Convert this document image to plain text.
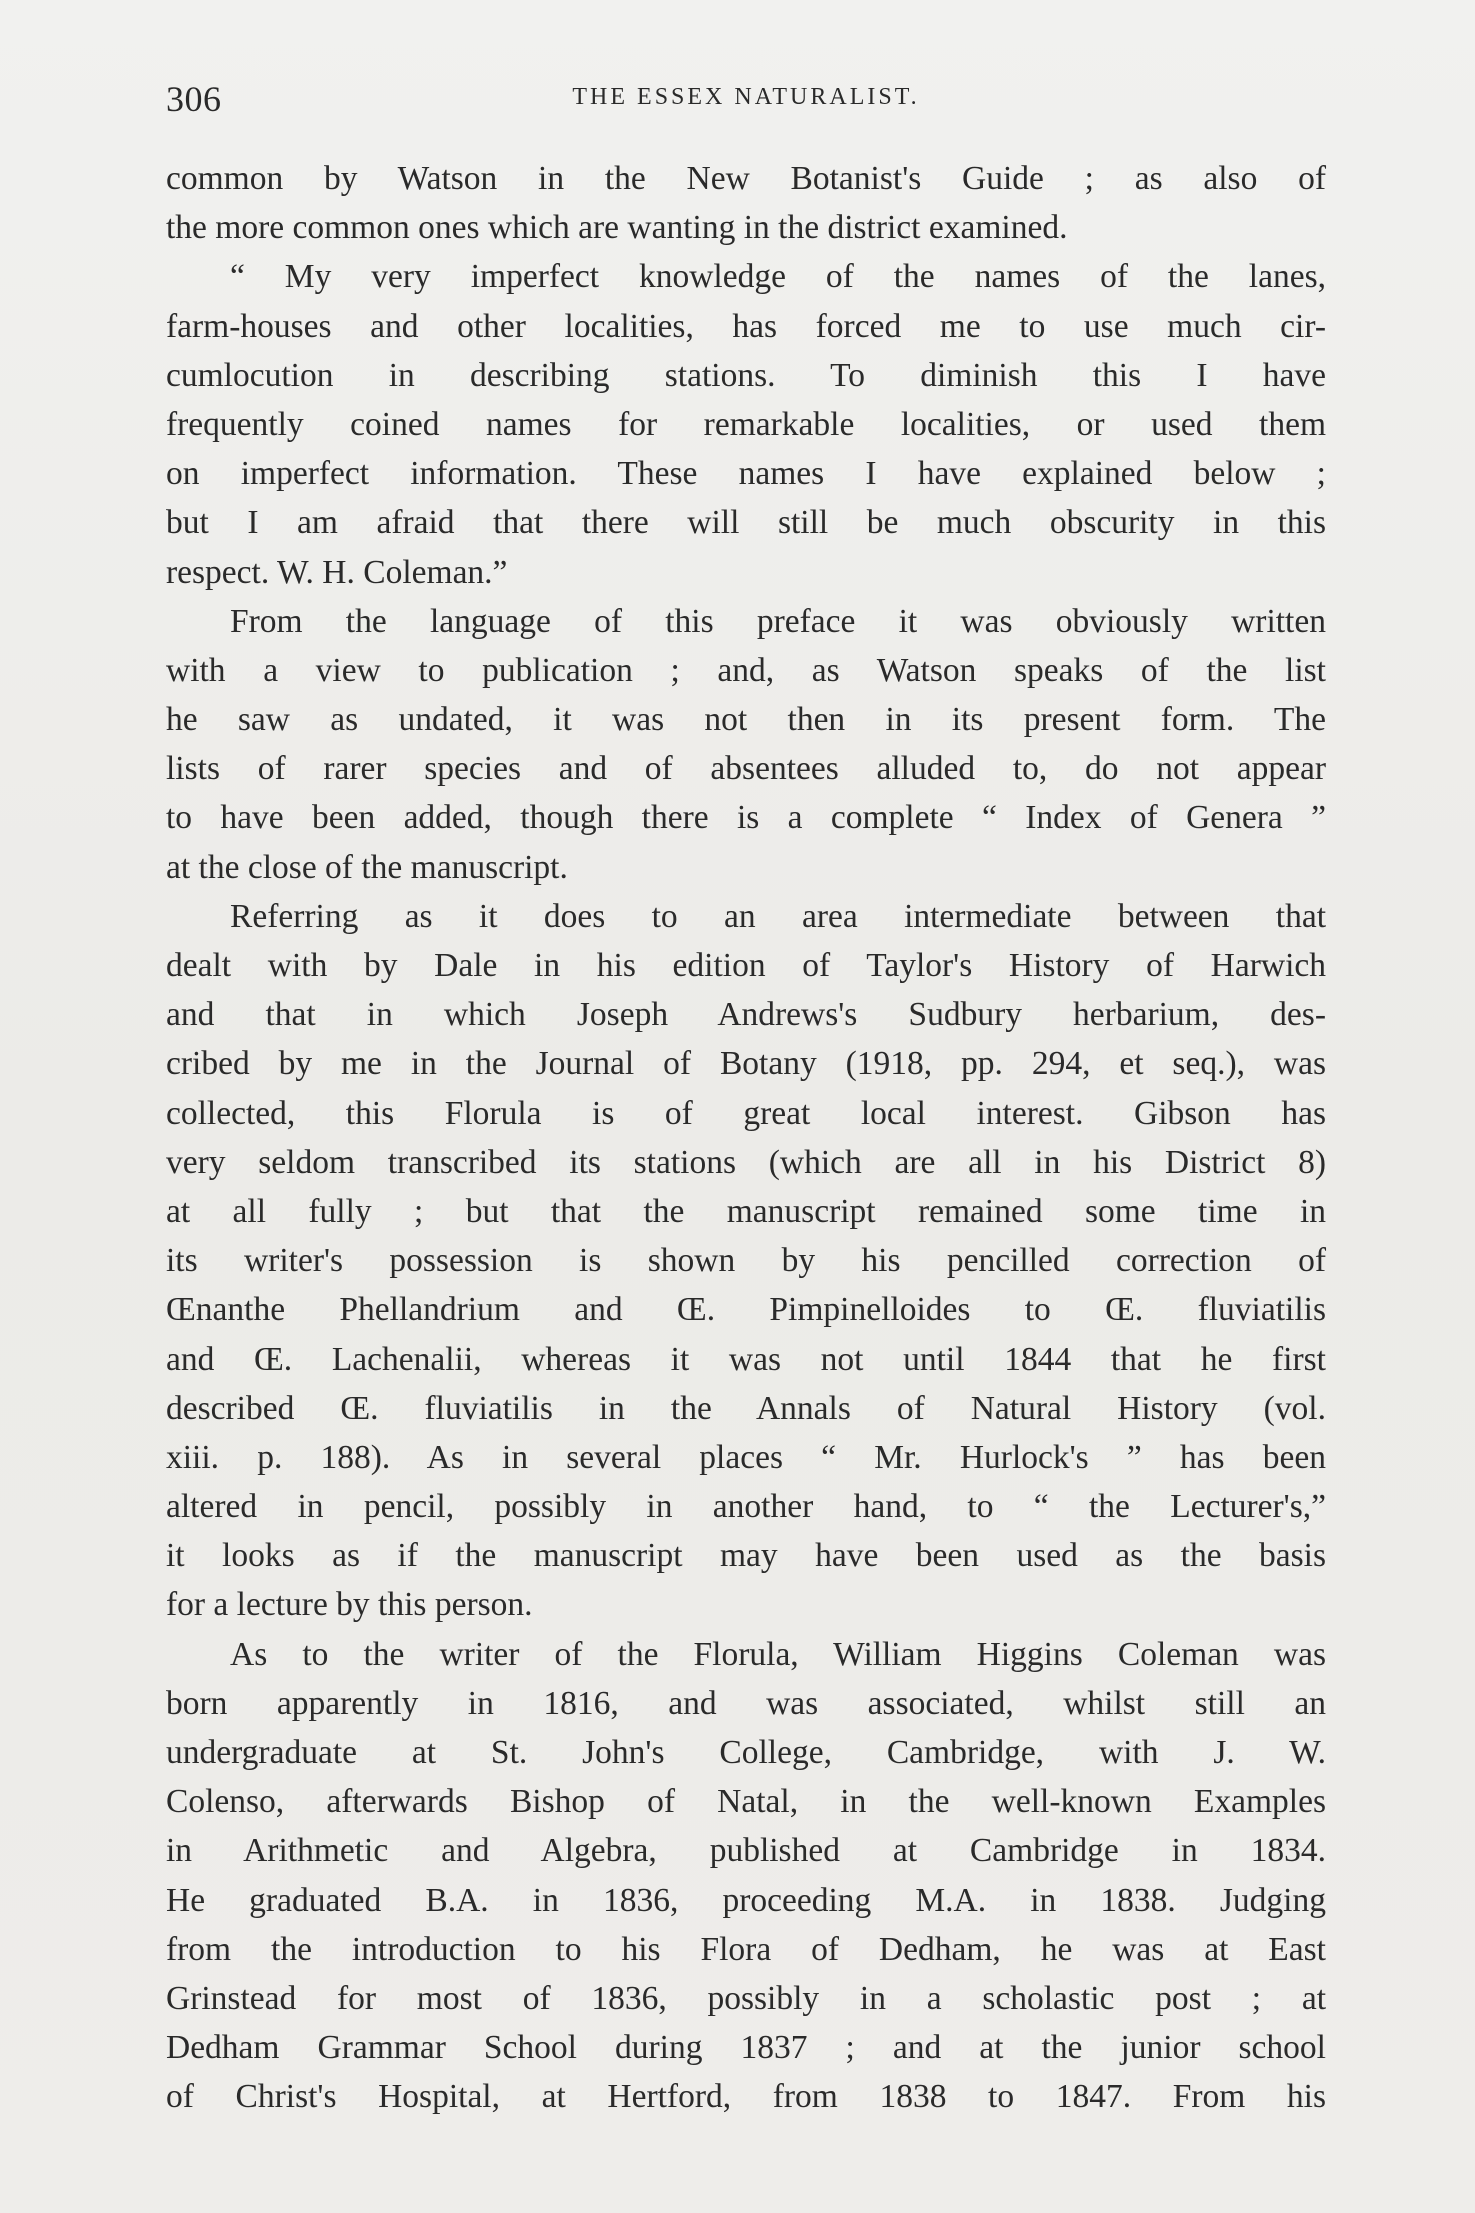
306	THE ESSEX NATURALIST.
common by Watson in the New Botanist's Guide ; as also of
the more common ones which are wanting in the district examined.
“ My very imperfect knowledge of the names of the lanes,
farm-houses and other localities, has forced me to use much cir-
cumlocution in describing stations. To diminish this I have
frequently coined names for remarkable localities, or used them
on imperfect information. These names I have explained below ;
but I am afraid that there will still be much obscurity in this
respect. W. H. Coleman.”
From the language of this preface it was obviously written
with a view to publication ; and, as Watson speaks of the list
he saw as undated, it was not then in its present form. The
lists of rarer species and of absentees alluded to, do not appear
to have been added, though there is a complete “ Index of Genera ”
at the close of the manuscript.
Referring as it does to an area intermediate between that
dealt with by Dale in his edition of Taylor's History of Harwich
and that in which Joseph Andrews's Sudbury herbarium, des-
cribed by me in the Journal of Botany (1918, pp. 294, et seq.), was
collected, this Florula is of great local interest. Gibson has
very seldom transcribed its stations (which are all in his District 8)
at all fully ; but that the manuscript remained some time in
its writer's possession is shown by his pencilled correction of
Œnanthe Phellandrium and Œ. Pimpinelloides to Œ. fluviatilis
and Œ. Lachenalii, whereas it was not until 1844 that he first
described Œ. fluviatilis in the Annals of Natural History (vol.
xiii. p. 188). As in several places “ Mr. Hurlock's ” has been
altered in pencil, possibly in another hand, to “ the Lecturer's,”
it looks as if the manuscript may have been used as the basis
for a lecture by this person.
As to the writer of the Florula, William Higgins Coleman was
born apparently in 1816, and was associated, whilst still an
undergraduate at St. John's College, Cambridge, with J. W.
Colenso, afterwards Bishop of Natal, in the well-known Examples
in Arithmetic and Algebra, published at Cambridge in 1834.
He graduated B.A. in 1836, proceeding M.A. in 1838. Judging
from the introduction to his Flora of Dedham, he was at East
Grinstead for most of 1836, possibly in a scholastic post ; at
Dedham Grammar School during 1837 ; and at the junior school
of Christ's Hospital, at Hertford, from 1838 to 1847. From his
